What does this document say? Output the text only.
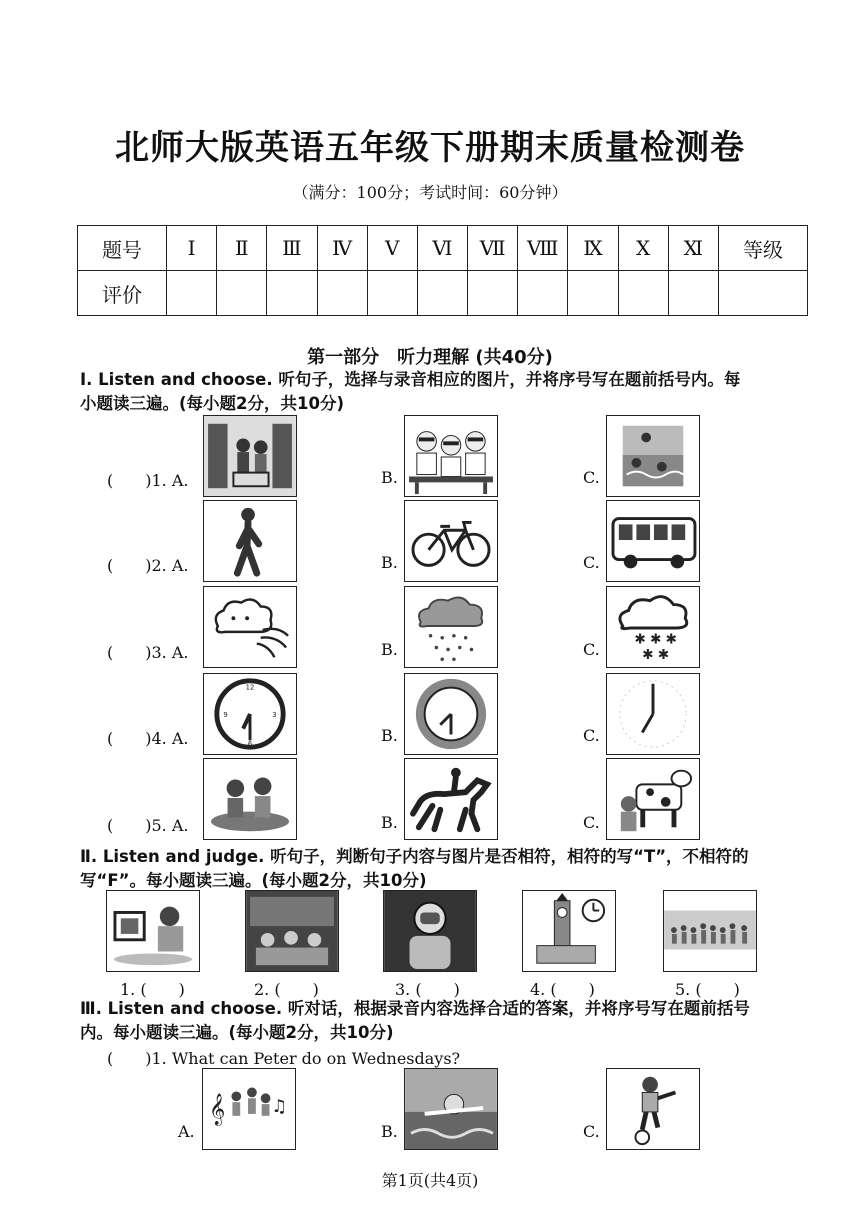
北师大版英语五年级下册期末质量检测卷
（满分：100分；考试时间：60分钟）
题号	Ⅰ	Ⅱ	Ⅲ	Ⅳ	Ⅴ	Ⅵ	Ⅶ	Ⅷ	Ⅸ	Ⅹ	Ⅺ	等级
评价												
第一部分　听力理解 (共40分)
Ⅰ. Listen and choose. 听句子，选择与录音相应的图片，并将序号写在题前括号内。每
小题读三遍。(每小题2分，共10分)
(　　)1. A.	B.	C.
(　　)2. A.	B.	C.
(　　)3. A.	B.	C.
✱ ✱ ✱
✱ ✱
(　　)4. A.
12
3
6
9
B.	C.
(　　)5. A.	B.	C.
Ⅱ. Listen and judge. 听句子，判断句子内容与图片是否相符，相符的写“T”，不相符的
写“F”。每小题读三遍。(每小题2分，共10分)
1. (　　)	2. (　　)	3. (　　)	4. (　　)	5. (　　)
Ⅲ. Listen and choose. 听对话，根据录音内容选择合适的答案，并将序号写在题前括号
内。每小题读三遍。(每小题2分，共10分)
(　　)1. What can Peter do on Wednesdays?
A.
𝄞	♫
B.	C.
第1页(共4页)
